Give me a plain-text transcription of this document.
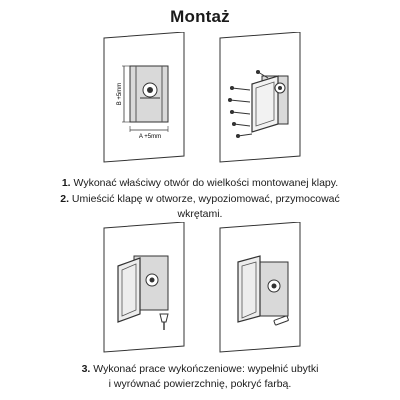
Montaż
B +5mm
A +5mm
1. Wykonać właściwy otwór do wielkości montowanej klapy.
2. Umieścić klapę w otworze, wypoziomować, przymocować
wkrętami.
3. Wykonać prace wykończeniowe: wypełnić ubytki
i wyrównać powierzchnię, pokryć farbą.
